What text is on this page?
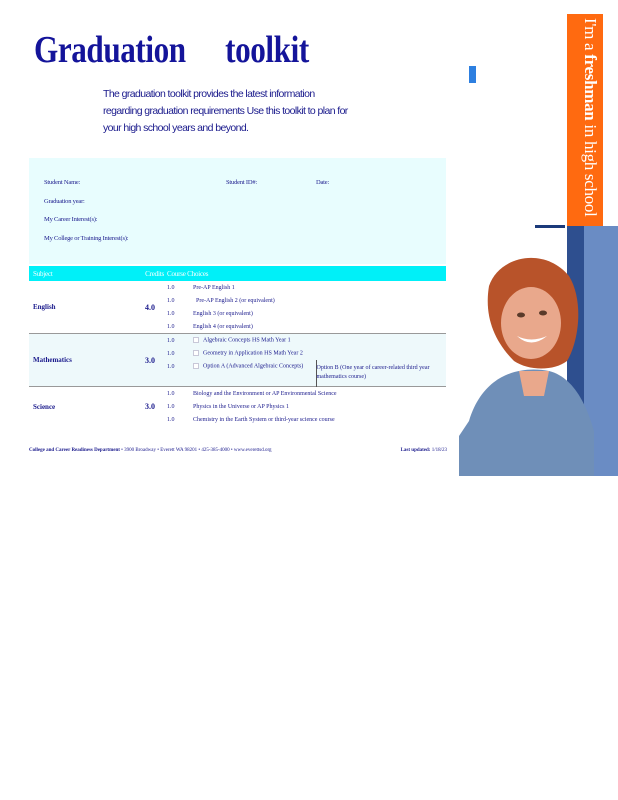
Graduation toolkit

The graduation toolkit provides the latest information regarding graduation requirements Use this toolkit to plan for your high school years and beyond.

Student Name:	Student ID#:	Date:
Graduation year:
My Career Interest(s):
My College or Training Interest(s):
Subject	Credits	Course Choices		
English	4.0	1.0	Pre-AP English 1	
		1.0	Pre-AP English 2 (or equivalent)	
		1.0	English 3 (or equivalent)	
		1.0	English 4 (or equivalent)	
Mathematics	3.0	1.0	Algebraic Concepts HS Math Year 1	
		1.0	Geometry in Application HS Math Year 2	
		1.0	Option A (Advanced Algebraic Concepts)	Option B (One year of career-related third year mathematics course)

Science	3.0	1.0	Biology and the Environment or AP Environmental Science	
		1.0	Physics in the Universe or AP Physics 1	
		1.0	Chemistry in the Earth System or third-year science course	
College and Career Readiness Department • 3900 Broadway • Everett WA 98201 • 425-385-4000 • www.everettsd.org	Last updated: 1/18/23
I'm a freshman in high school
